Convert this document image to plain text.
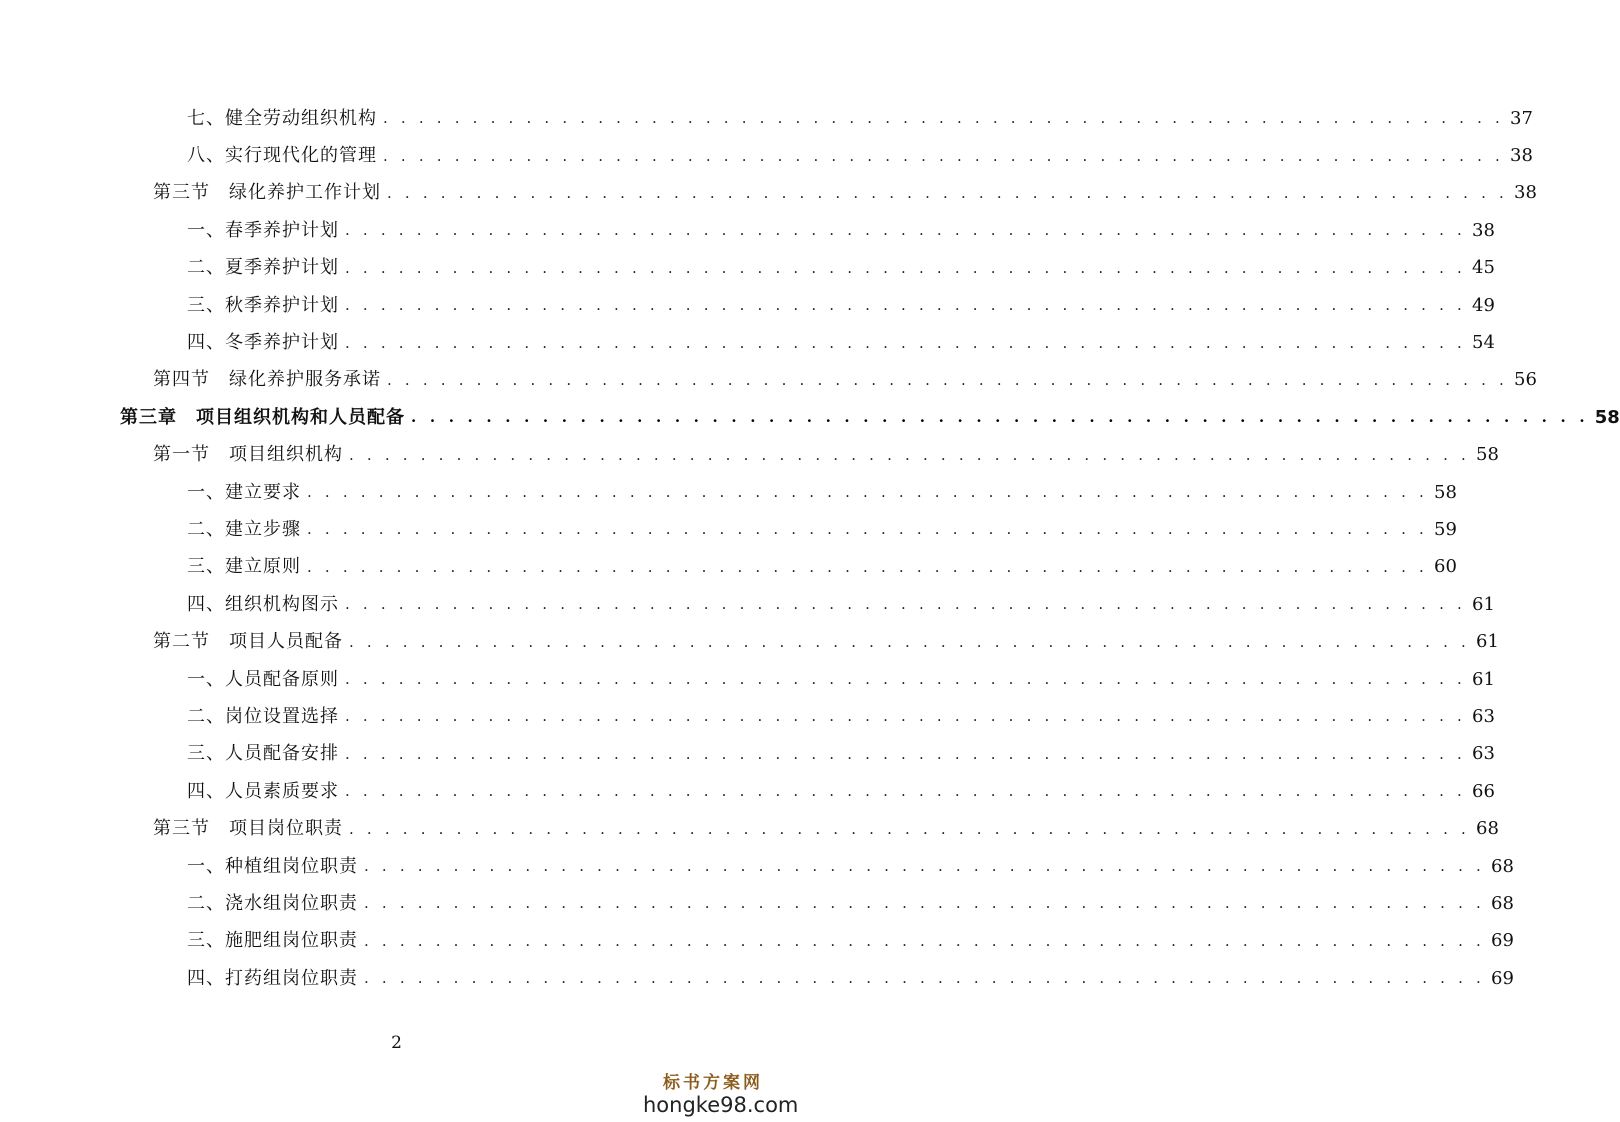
七、健全劳动组织机构 . . . . . . . . . . . . . . . . . . . . . . . . . . . . . . . . . . . . . . . . . . . . . . . . . . . . . . . . . . . . . . . 37
八、实行现代化的管理 . . . . . . . . . . . . . . . . . . . . . . . . . . . . . . . . . . . . . . . . . . . . . . . . . . . . . . . . . . . . . . . 38
第三节　绿化养护工作计划 . . . . . . . . . . . . . . . . . . . . . . . . . . . . . . . . . . . . . . . . . . . . . . . . . . . . . . . . . . . . . . . 38
一、春季养护计划 . . . . . . . . . . . . . . . . . . . . . . . . . . . . . . . . . . . . . . . . . . . . . . . . . . . . . . . . . . . . . . . 38
二、夏季养护计划 . . . . . . . . . . . . . . . . . . . . . . . . . . . . . . . . . . . . . . . . . . . . . . . . . . . . . . . . . . . . . . . 45
三、秋季养护计划 . . . . . . . . . . . . . . . . . . . . . . . . . . . . . . . . . . . . . . . . . . . . . . . . . . . . . . . . . . . . . . . 49
四、冬季养护计划 . . . . . . . . . . . . . . . . . . . . . . . . . . . . . . . . . . . . . . . . . . . . . . . . . . . . . . . . . . . . . . . 54
第四节　绿化养护服务承诺 . . . . . . . . . . . . . . . . . . . . . . . . . . . . . . . . . . . . . . . . . . . . . . . . . . . . . . . . . . . . . . . 56
第三章　项目组织机构和人员配备 . . . . . . . . . . . . . . . . . . . . . . . . . . . . . . . . . . . . . . . . . . . . . . . . . . . . . . . . . . . . . . . 58
第一节　项目组织机构 . . . . . . . . . . . . . . . . . . . . . . . . . . . . . . . . . . . . . . . . . . . . . . . . . . . . . . . . . . . . . . . 58
一、建立要求 . . . . . . . . . . . . . . . . . . . . . . . . . . . . . . . . . . . . . . . . . . . . . . . . . . . . . . . . . . . . . . . 58
二、建立步骤 . . . . . . . . . . . . . . . . . . . . . . . . . . . . . . . . . . . . . . . . . . . . . . . . . . . . . . . . . . . . . . . 59
三、建立原则 . . . . . . . . . . . . . . . . . . . . . . . . . . . . . . . . . . . . . . . . . . . . . . . . . . . . . . . . . . . . . . . 60
四、组织机构图示 . . . . . . . . . . . . . . . . . . . . . . . . . . . . . . . . . . . . . . . . . . . . . . . . . . . . . . . . . . . . . . . 61
第二节　项目人员配备 . . . . . . . . . . . . . . . . . . . . . . . . . . . . . . . . . . . . . . . . . . . . . . . . . . . . . . . . . . . . . . . 61
一、人员配备原则 . . . . . . . . . . . . . . . . . . . . . . . . . . . . . . . . . . . . . . . . . . . . . . . . . . . . . . . . . . . . . . . 61
二、岗位设置选择 . . . . . . . . . . . . . . . . . . . . . . . . . . . . . . . . . . . . . . . . . . . . . . . . . . . . . . . . . . . . . . . 63
三、人员配备安排 . . . . . . . . . . . . . . . . . . . . . . . . . . . . . . . . . . . . . . . . . . . . . . . . . . . . . . . . . . . . . . . 63
四、人员素质要求 . . . . . . . . . . . . . . . . . . . . . . . . . . . . . . . . . . . . . . . . . . . . . . . . . . . . . . . . . . . . . . . 66
第三节　项目岗位职责 . . . . . . . . . . . . . . . . . . . . . . . . . . . . . . . . . . . . . . . . . . . . . . . . . . . . . . . . . . . . . . . 68
一、种植组岗位职责 . . . . . . . . . . . . . . . . . . . . . . . . . . . . . . . . . . . . . . . . . . . . . . . . . . . . . . . . . . . . . . . 68
二、浇水组岗位职责 . . . . . . . . . . . . . . . . . . . . . . . . . . . . . . . . . . . . . . . . . . . . . . . . . . . . . . . . . . . . . . . 68
三、施肥组岗位职责 . . . . . . . . . . . . . . . . . . . . . . . . . . . . . . . . . . . . . . . . . . . . . . . . . . . . . . . . . . . . . . . 69
四、打药组岗位职责 . . . . . . . . . . . . . . . . . . . . . . . . . . . . . . . . . . . . . . . . . . . . . . . . . . . . . . . . . . . . . . . 69
2
标书方案网
hongke98.com
